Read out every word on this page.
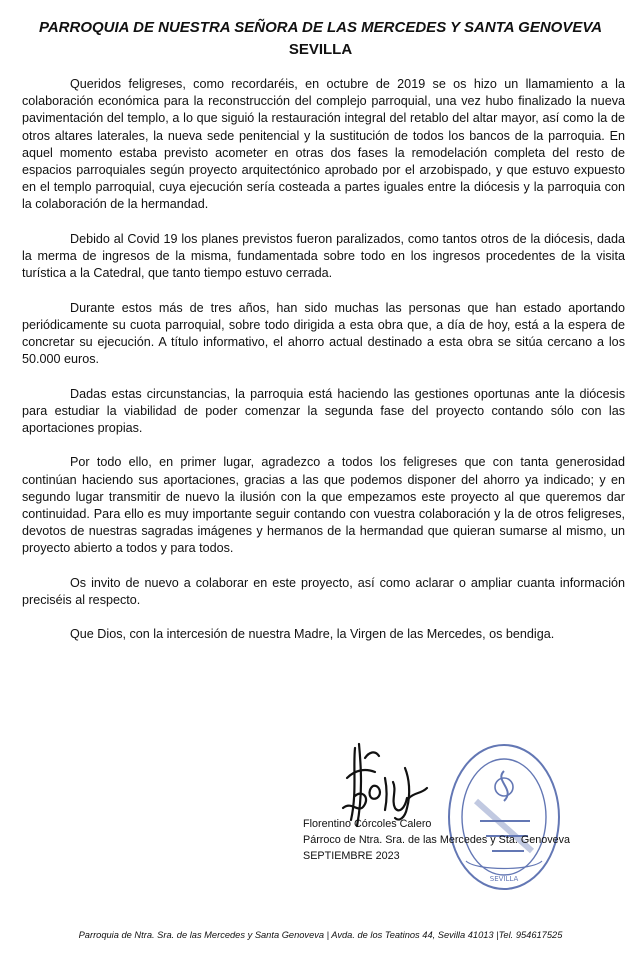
PARROQUIA DE NUESTRA SEÑORA DE LAS MERCEDES Y SANTA GENOVEVA
SEVILLA

Queridos feligreses, como recordaréis, en octubre de 2019 se os hizo un llamamiento a la colaboración económica para la reconstrucción del complejo parroquial, una vez hubo finalizado la nueva pavimentación del templo, a lo que siguió la restauración integral del retablo del altar mayor, así como la de otros altares laterales, la nueva sede penitencial y la sustitución de todos los bancos de la parroquia. En aquel momento estaba previsto acometer en otras dos fases la remodelación completa del resto de espacios parroquiales según proyecto arquitectónico aprobado por el arzobispado, y que estuvo expuesto en el templo parroquial, cuya ejecución sería costeada a partes iguales entre la diócesis y la parroquia con la colaboración de la hermandad.

Debido al Covid 19 los planes previstos fueron paralizados, como tantos otros de la diócesis, dada la merma de ingresos de la misma, fundamentada sobre todo en los ingresos procedentes de la visita turística a la Catedral, que tanto tiempo estuvo cerrada.

Durante estos más de tres años, han sido muchas las personas que han estado aportando periódicamente su cuota parroquial, sobre todo dirigida a esta obra que, a día de hoy, está a la espera de concretar su ejecución. A título informativo, el ahorro actual destinado a esta obra se sitúa cercano a los 50.000 euros.

Dadas estas circunstancias, la parroquia está haciendo las gestiones oportunas ante la diócesis para estudiar la viabilidad de poder comenzar la segunda fase del proyecto contando sólo con las aportaciones propias.

Por todo ello, en primer lugar, agradezco a todos los feligreses que con tanta generosidad continúan haciendo sus aportaciones, gracias a las que podemos disponer del ahorro ya indicado; y en segundo lugar transmitir de nuevo la ilusión con la que empezamos este proyecto al que queremos dar continuidad. Para ello es muy importante seguir contando con vuestra colaboración y la de otros feligreses, devotos de nuestras sagradas imágenes y hermanos de la hermandad que quieran sumarse al mismo, un proyecto abierto a todos y para todos.

Os invito de nuevo a colaborar en este proyecto, así como aclarar o ampliar cuanta información preciséis al respecto.

Que Dios, con la intercesión de nuestra Madre, la Virgen de las Mercedes, os bendiga.

SEVILLA
Florentino Córcoles Calero
Párroco de Ntra. Sra. de las Mercedes y Sta. Genoveva
SEPTIEMBRE 2023
Parroquia de Ntra. Sra. de las Mercedes y Santa Genoveva | Avda. de los Teatinos 44, Sevilla 41013 |Tel. 954617525
